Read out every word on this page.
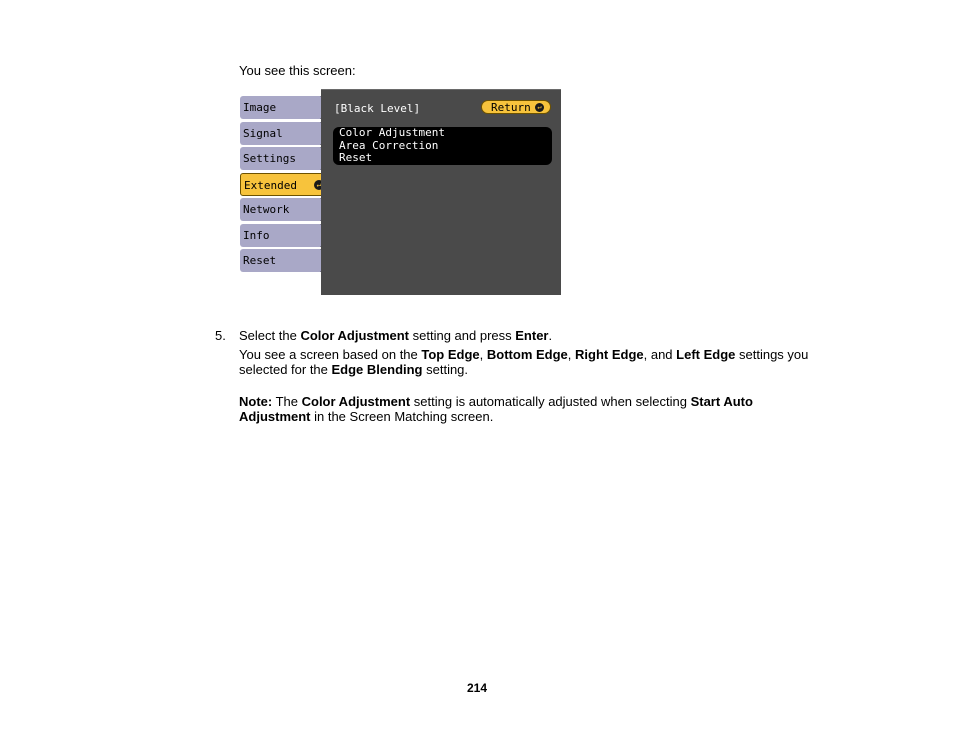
You see this screen:
Image
Signal
Settings
Extended	↵
Network
Info
Reset
[Black Level]	Return ↵
Color Adjustment
Area Correction
Reset
5. Select the Color Adjustment setting and press Enter.
You see a screen based on the Top Edge, Bottom Edge, Right Edge, and Left Edge settings you selected for the Edge Blending setting.
Note: The Color Adjustment setting is automatically adjusted when selecting Start Auto Adjustment in the Screen Matching screen.
214
